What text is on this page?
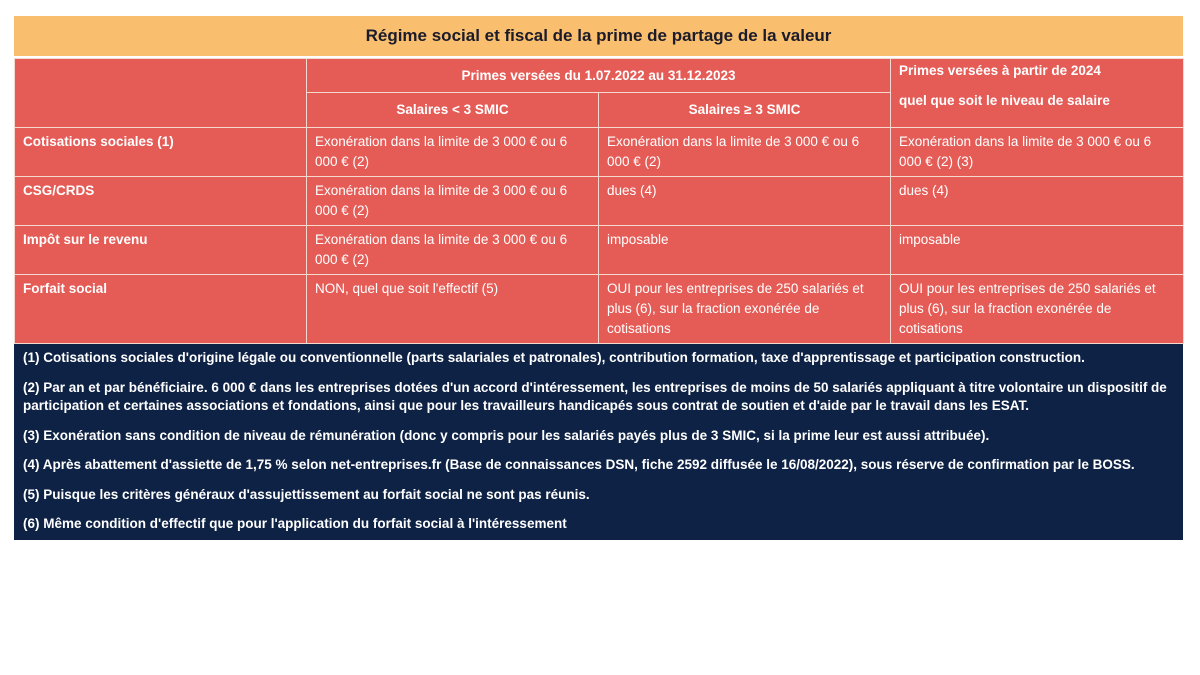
Régime social et fiscal de la prime de partage de la valeur
	Primes versées du 1.07.2022 au 31.12.2023		Primes versées à partir de 2024
quel que soit le niveau de salaire

	Salaires < 3 SMIC	Salaires ≥ 3 SMIC	
Cotisations sociales (1)	Exonération dans la limite de 3 000 € ou 6 000 € (2)	Exonération dans la limite de 3 000 € ou 6 000 € (2)	Exonération dans la limite de 3 000 € ou 6 000 € (2) (3)
CSG/CRDS	Exonération dans la limite de 3 000 € ou 6 000 € (2)	dues (4)	dues (4)
Impôt sur le revenu	Exonération dans la limite de 3 000 € ou 6 000 € (2)	imposable	imposable
Forfait social	NON, quel que soit l'effectif (5)	OUI pour les entreprises de 250 salariés et plus (6), sur la fraction exonérée de cotisations	OUI pour les entreprises de 250 salariés et plus (6), sur la fraction exonérée de cotisations

(1) Cotisations sociales d'origine légale ou conventionnelle (parts salariales et patronales), contribution formation, taxe d'apprentissage et participation construction.

(2) Par an et par bénéficiaire. 6 000 € dans les entreprises dotées d'un accord d'intéressement, les entreprises de moins de 50 salariés appliquant à titre volontaire un dispositif de participation et certaines associations et fondations, ainsi que pour les travailleurs handicapés sous contrat de soutien et d'aide par le travail dans les ESAT.

(3) Exonération sans condition de niveau de rémunération (donc y compris pour les salariés payés plus de 3 SMIC, si la prime leur est aussi attribuée).

(4) Après abattement d'assiette de 1,75 % selon net-entreprises.fr (Base de connaissances DSN, fiche 2592 diffusée le 16/08/2022), sous réserve de confirmation par le BOSS.

(5) Puisque les critères généraux d'assujettissement au forfait social ne sont pas réunis.

(6) Même condition d'effectif que pour l'application du forfait social à l'intéressement
